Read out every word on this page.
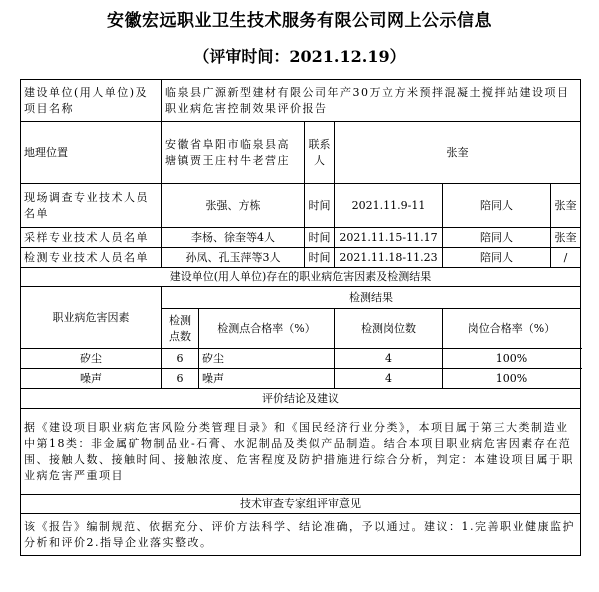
安徽宏远职业卫生技术服务有限公司网上公示信息
（评审时间：2021.12.19）
建设单位(用人单位)及项目名称	临泉县广源新型建材有限公司年产30万立方米预拌混凝土搅拌站建设项目职业病危害控制效果评价报告					
地理位置	安徽省阜阳市临泉县高塘镇贾王庄村牛老营庄		联系人	张奎		
现场调查专业技术人员名单	张强、方栋		时间	2021.11.9-11	陪同人	张奎
采样专业技术人员名单	李杨、徐奎等4人		时间	2021.11.15-11.17	陪同人	张奎
检测专业技术人员名单	孙凤、孔玉萍等3人		时间	2021.11.18-11.23	陪同人	/
建设单位(用人单位)存在的职业病危害因素及检测结果						
职业病危害因素	检测结果					
	检测点数	检测点合格率（%）		检测岗位数	岗位合格率（%）	
矽尘	6	矽尘		4	100%	
噪声	6	噪声		4	100%	
评价结论及建议						
据《建设项目职业病危害风险分类管理目录》和《国民经济行业分类》，本项目属于第三大类制造业中第18类：非金属矿物制品业-石膏、水泥制品及类似产品制造。结合本项目职业病危害因素存在范围、接触人数、接触时间、接触浓度、危害程度及防护措施进行综合分析，判定：本建设项目属于职业病危害严重项目						
技术审查专家组评审意见						
该《报告》编制规范、依据充分、评价方法科学、结论准确，予以通过。建议：1.完善职业健康监护分析和评价2.指导企业落实整改。						
